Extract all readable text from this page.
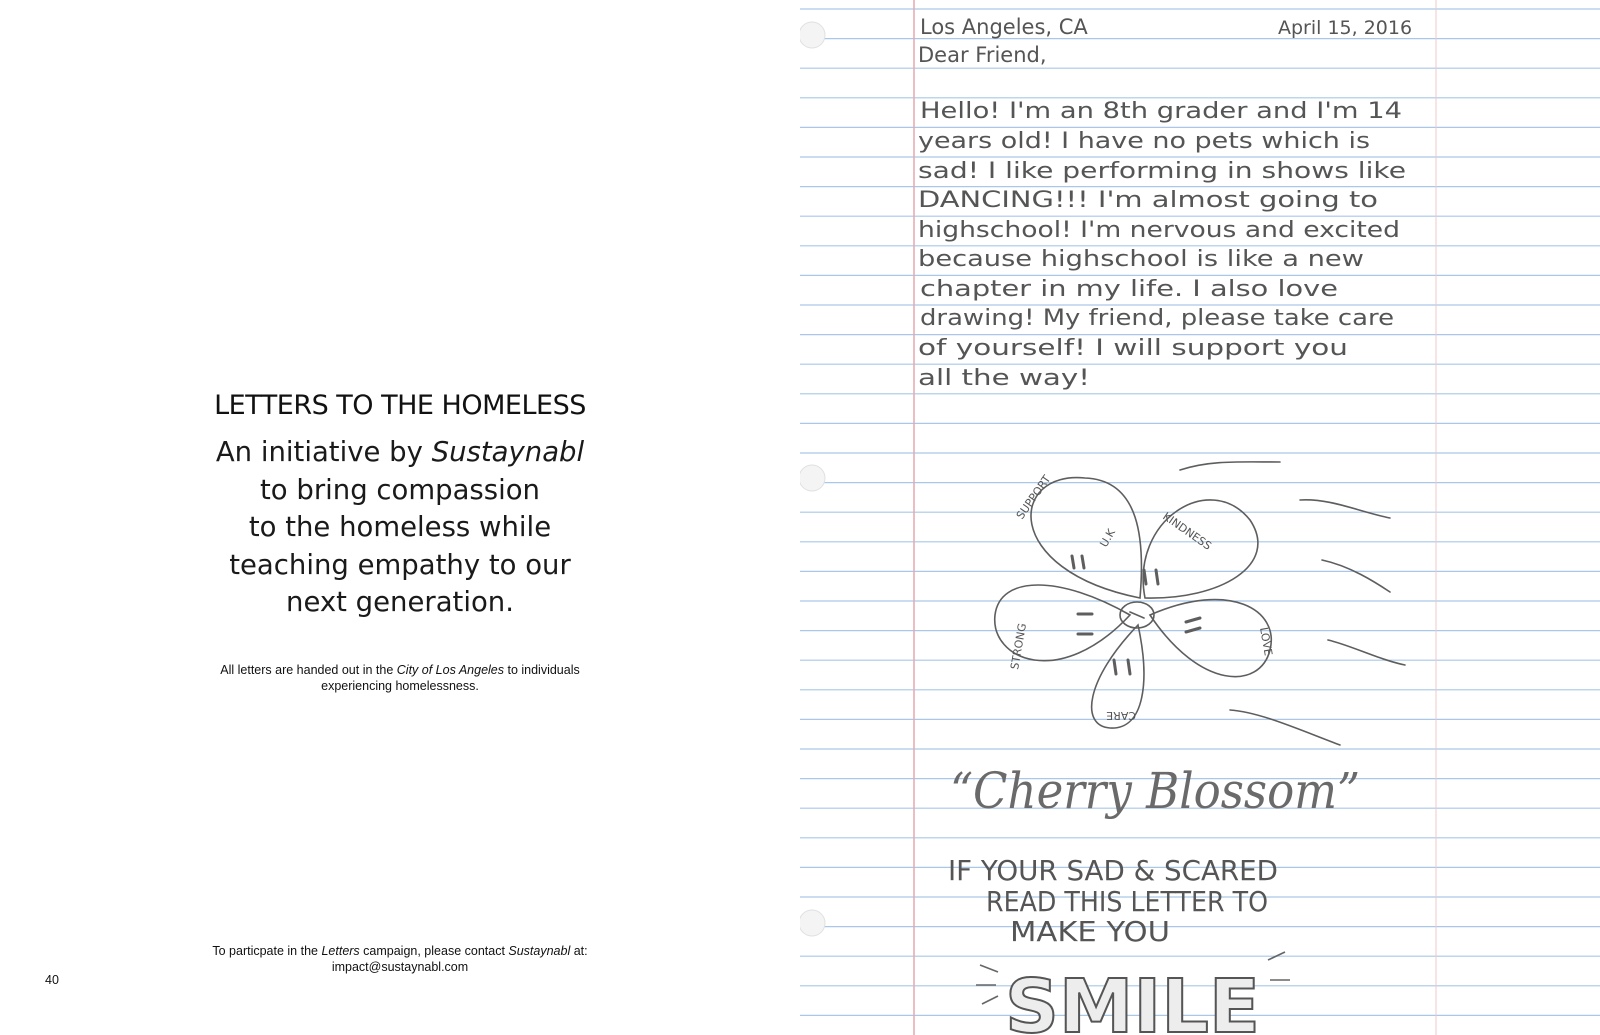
LETTERS TO THE HOMELESS
An initiative by Sustaynabl
to bring compassion
to the homeless while
teaching empathy to our
next generation.
All letters are handed out in the City of Los Angeles to individuals
experiencing homelessness.
To particpate in the Letters campaign, please contact Sustaynabl at:
impact@sustaynabl.com
40
Los Angeles, CA	April 15, 2016
Dear Friend,
Hello! I'm an 8th grader and I'm 14
years old! I have no pets which is
sad! I like performing in shows like
DANCING!!! I'm almost going to
highschool! I'm nervous and excited
because highschool is like a new
chapter in my life. I also love
drawing! My friend, please take care
of yourself! I will support you
all the way!
SUPPORT
KINDNESS
LOVE
CARE
STRONG
U.K
“Cherry Blossom”
IF YOUR SAD & SCARED
READ THIS LETTER TO
MAKE YOU
SMILE
